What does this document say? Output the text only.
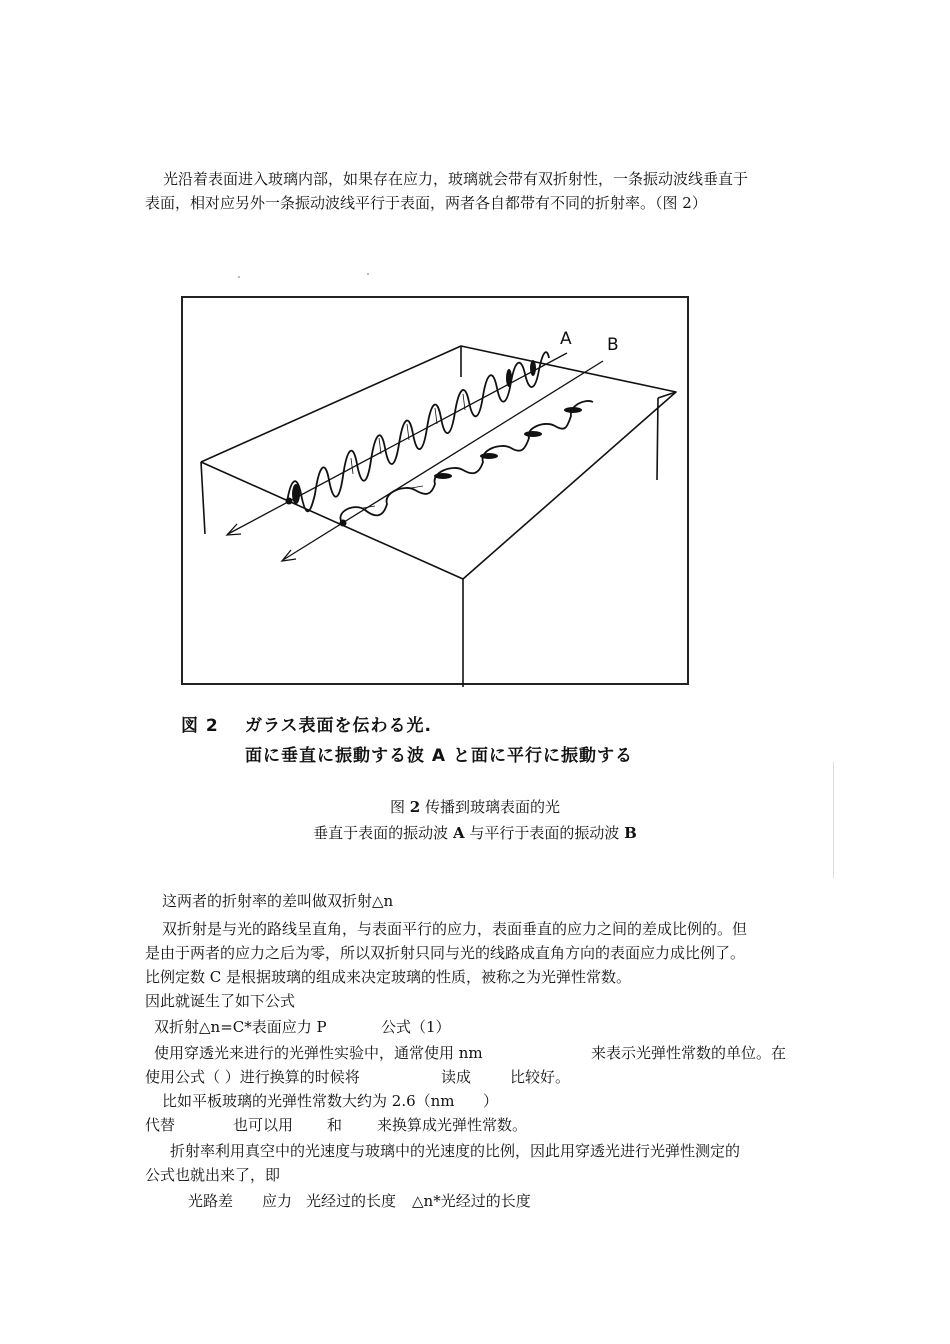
光沿着表面进入玻璃内部，如果存在应力，玻璃就会带有双折射性，一条振动波线垂直于
表面，相对应另外一条振动波线平行于表面，两者各自都带有不同的折射率。（图 2）
A B
図 2 ガラス表面を伝わる光.
面に垂直に振動する波 A と面に平行に振動する
图 2 传播到玻璃表面的光
垂直于表面的振动波 A 与平行于表面的振动波 B
这两者的折射率的差叫做双折射△n
双折射是与光的路线呈直角，与表面平行的应力，表面垂直的应力之间的差成比例的。但
是由于两者的应力之后为零，所以双折射只同与光的线路成直角方向的表面应力成比例了。
比例定数 C 是根据玻璃的组成来决定玻璃的性质，被称之为光弹性常数。
因此就诞生了如下公式
双折射△n=C*表面应力 P	公式（1）
使用穿透光来进行的光弹性实验中，通常使用 nm	来表示光弹性常数的单位。在
使用公式（ ）进行换算的时候将	读成	比较好。
比如平板玻璃的光弹性常数大约为 2.6（nm ）
代替	也可以用 和 来换算成光弹性常数。
折射率利用真空中的光速度与玻璃中的光速度的比例，因此用穿透光进行光弹性测定的
公式也就出来了，即
光路差 应力 光经过的长度 △n*光经过的长度
